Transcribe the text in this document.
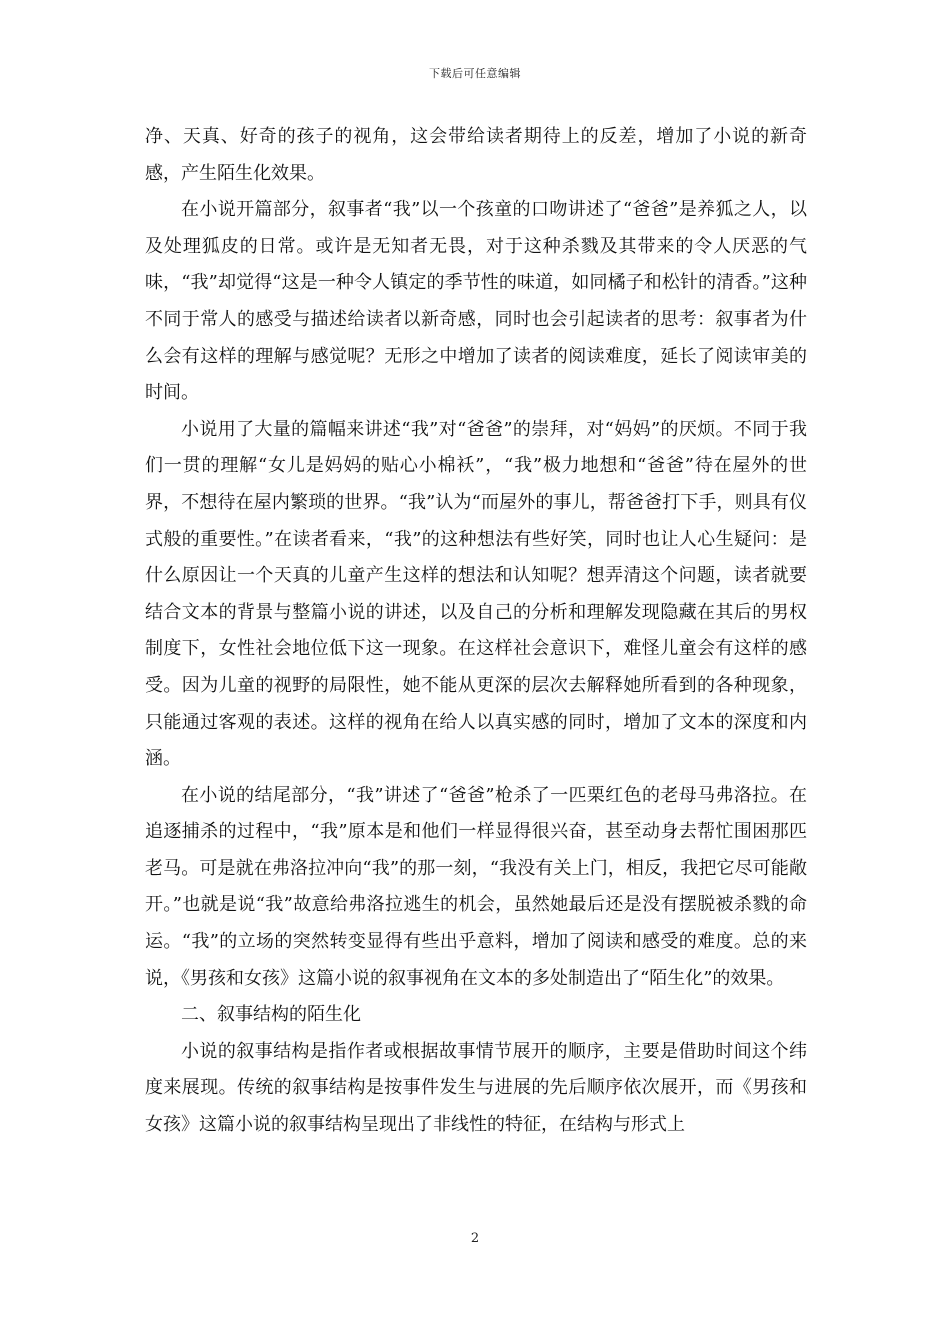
下载后可任意编辑

净、天真、好奇的孩子的视角，这会带给读者期待上的反差，增加了小说的新奇感，产生陌生化效果。

在小说开篇部分，叙事者“我”以一个孩童的口吻讲述了“爸爸”是养狐之人，以及处理狐皮的日常。或许是无知者无畏，对于这种杀戮及其带来的令人厌恶的气味，“我”却觉得“这是一种令人镇定的季节性的味道，如同橘子和松针的清香。”这种不同于常人的感受与描述给读者以新奇感，同时也会引起读者的思考：叙事者为什么会有这样的理解与感觉呢？无形之中增加了读者的阅读难度，延长了阅读审美的时间。

小说用了大量的篇幅来讲述“我”对“爸爸”的崇拜，对“妈妈”的厌烦。不同于我们一贯的理解“女儿是妈妈的贴心小棉袄”，“我”极力地想和“爸爸”待在屋外的世界，不想待在屋内繁琐的世界。“我”认为“而屋外的事儿，帮爸爸打下手，则具有仪式般的重要性。”在读者看来，“我”的这种想法有些好笑，同时也让人心生疑问：是什么原因让一个天真的儿童产生这样的想法和认知呢？想弄清这个问题，读者就要结合文本的背景与整篇小说的讲述，以及自己的分析和理解发现隐藏在其后的男权制度下，女性社会地位低下这一现象。在这样社会意识下，难怪儿童会有这样的感受。因为儿童的视野的局限性，她不能从更深的层次去解释她所看到的各种现象，只能通过客观的表述。这样的视角在给人以真实感的同时，增加了文本的深度和内涵。

在小说的结尾部分，“我”讲述了“爸爸”枪杀了一匹栗红色的老母马弗洛拉。在追逐捕杀的过程中，“我”原本是和他们一样显得很兴奋，甚至动身去帮忙围困那匹老马。可是就在弗洛拉冲向“我”的那一刻，“我没有关上门，相反，我把它尽可能敞开。”也就是说“我”故意给弗洛拉逃生的机会，虽然她最后还是没有摆脱被杀戮的命运。“我”的立场的突然转变显得有些出乎意料，增加了阅读和感受的难度。总的来说，《男孩和女孩》这篇小说的叙事视角在文本的多处制造出了“陌生化”的效果。

二、叙事结构的陌生化

小说的叙事结构是指作者或根据故事情节展开的顺序，主要是借助时间这个纬度来展现。传统的叙事结构是按事件发生与进展的先后顺序依次展开，而《男孩和女孩》这篇小说的叙事结构呈现出了非线性的特征，在结构与形式上

2
